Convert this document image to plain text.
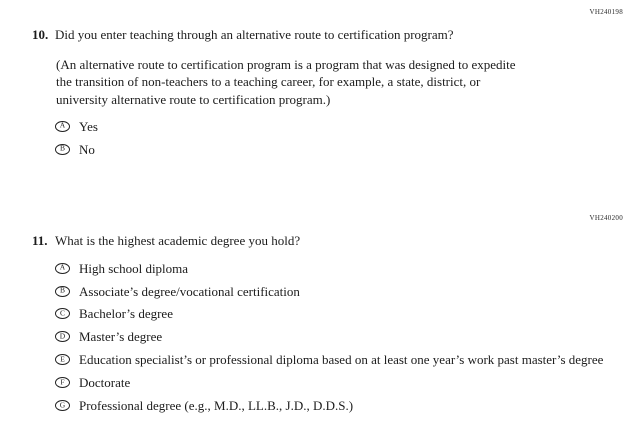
VH240198
10. Did you enter teaching through an alternative route to certification program?

(An alternative route to certification program is a program that was designed to expedite the transition of non-teachers to a teaching career, for example, a state, district, or university alternative route to certification program.)

A Yes
B No
VH240200
11. What is the highest academic degree you hold?

A High school diploma
B Associate’s degree/vocational certification
C Bachelor’s degree
D Master’s degree
E Education specialist’s or professional diploma based on at least one year’s work past master’s degree
F Doctorate
G Professional degree (e.g., M.D., LL.B., J.D., D.D.S.)
